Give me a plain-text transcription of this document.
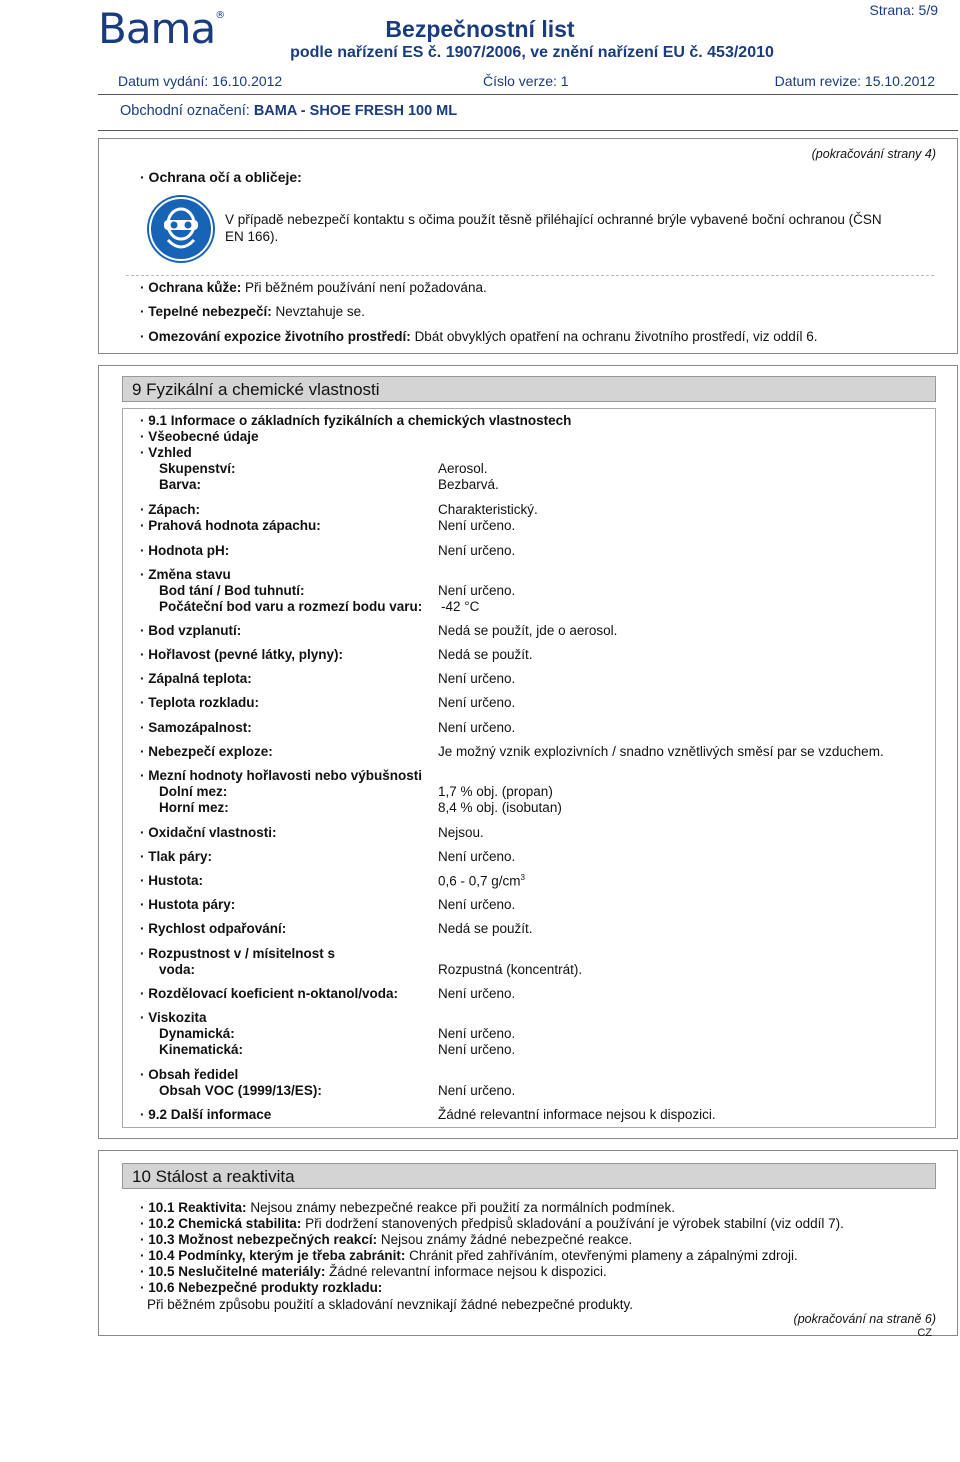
Bama®
Bezpečnostní list
podle nařízení ES č. 1907/2006, ve znění nařízení EU č. 453/2010
Strana: 5/9
Datum vydání: 16.10.2012	Číslo verze: 1	Datum revize: 15.10.2012
Obchodní označení: BAMA - SHOE FRESH 100 ML
(pokračování strany 4)
· Ochrana očí a obličeje:
V případě nebezpečí kontaktu s očima použít těsně přiléhající ochranné brýle vybavené boční ochranou (ČSN
EN 166).
· Ochrana kůže: Při běžném používání není požadována.
· Tepelné nebezpečí: Nevztahuje se.
· Omezování expozice životního prostředí: Dbát obvyklých opatření na ochranu životního prostředí, viz oddíl 6.
9 Fyzikální a chemické vlastnosti
· 9.1 Informace o základních fyzikálních a chemických vlastnostech
· Všeobecné údaje
· Vzhled
Skupenství:	Aerosol.
Barva:	Bezbarvá.
· Zápach:	Charakteristický.
· Prahová hodnota zápachu:	Není určeno.
· Hodnota pH:	Není určeno.
· Změna stavu
Bod tání / Bod tuhnutí:	Není určeno.
Počáteční bod varu a rozmezí bodu varu: -42 °C
· Bod vzplanutí:	Nedá se použít, jde o aerosol.
· Hořlavost (pevné látky, plyny):	Nedá se použít.
· Zápalná teplota:	Není určeno.
· Teplota rozkladu:	Není určeno.
· Samozápalnost:	Není určeno.
· Nebezpečí exploze:	Je možný vznik explozivních / snadno vznětlivých směsí par se vzduchem.
· Mezní hodnoty hořlavosti nebo výbušnosti
Dolní mez:	1,7 % obj. (propan)
Horní mez:	8,4 % obj. (isobutan)
· Oxidační vlastnosti:	Nejsou.
· Tlak páry:	Není určeno.
· Hustota:	0,6 - 0,7 $g/cm^3$
· Hustota páry:	Není určeno.
· Rychlost odpařování:	Nedá se použít.
· Rozpustnost v / mísitelnost s
voda:	Rozpustná (koncentrát).
· Rozdělovací koeficient n-oktanol/voda:	Není určeno.
· Viskozita
Dynamická:	Není určeno.
Kinematická:	Není určeno.
· Obsah ředidel
Obsah VOC (1999/13/ES):	Není určeno.
· 9.2 Další informace	Žádné relevantní informace nejsou k dispozici.
10 Stálost a reaktivita
· 10.1 Reaktivita: Nejsou známy nebezpečné reakce při použití za normálních podmínek.
· 10.2 Chemická stabilita: Při dodržení stanovených předpisů skladování a používání je výrobek stabilní (viz oddíl 7).
· 10.3 Možnost nebezpečných reakcí: Nejsou známy žádné nebezpečné reakce.
· 10.4 Podmínky, kterým je třeba zabránit: Chránit před zahříváním, otevřenými plameny a zápalnými zdroji.
· 10.5 Neslučitelné materiály: Žádné relevantní informace nejsou k dispozici.
· 10.6 Nebezpečné produkty rozkladu:
Při běžném způsobu použití a skladování nevznikají žádné nebezpečné produkty.
(pokračování na straně 6)
CZ
